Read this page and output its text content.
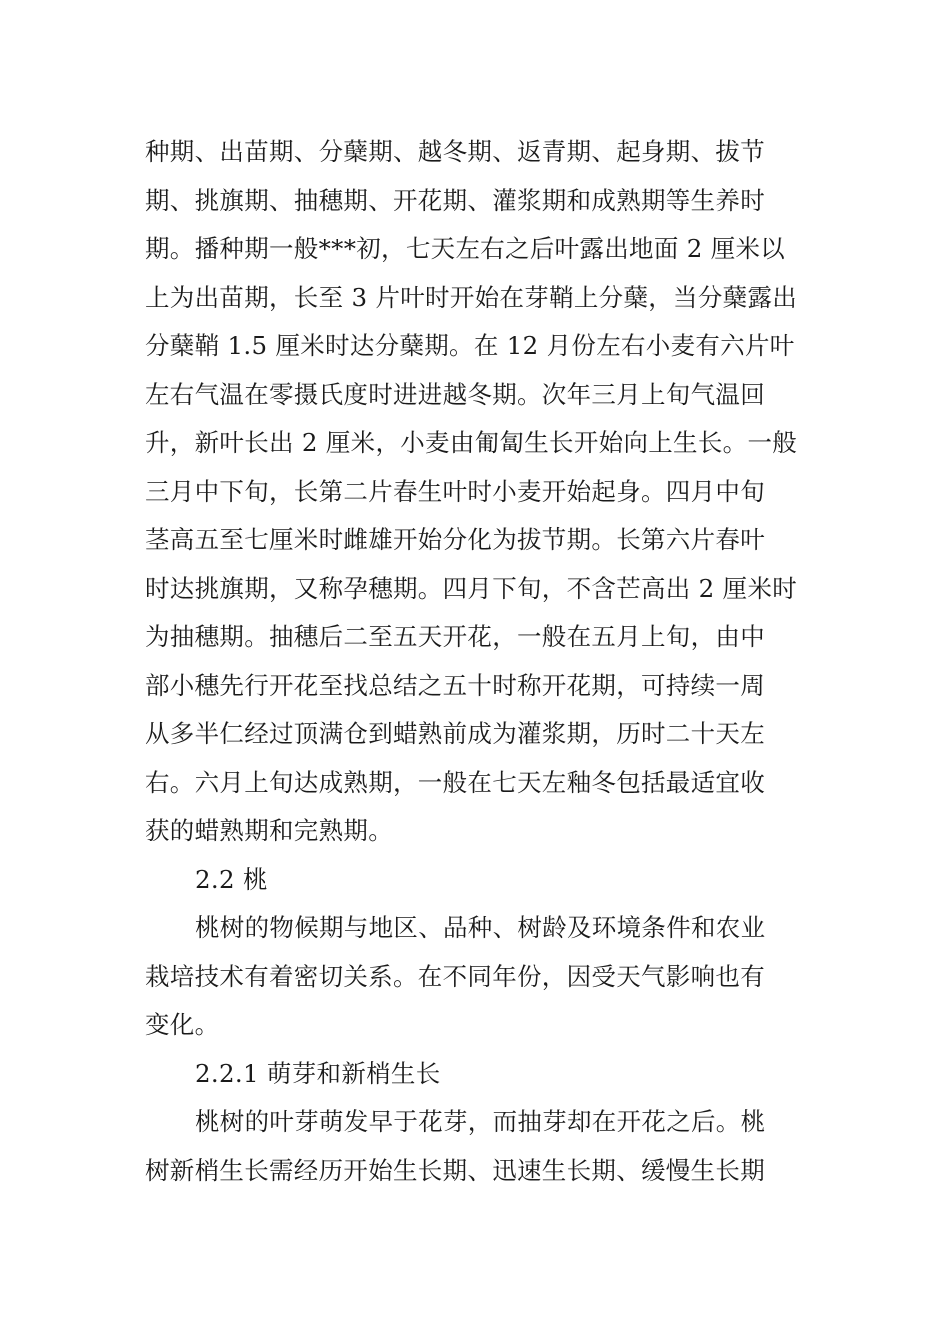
种期、出苗期、分蘖期、越冬期、返青期、起身期、拔节
期、挑旗期、抽穗期、开花期、灌浆期和成熟期等生养时
期。播种期一般***初，七天左右之后叶露出地面 2 厘米以
上为出苗期，长至 3 片叶时开始在芽鞘上分蘖，当分蘖露出
分蘖鞘 1.5 厘米时达分蘖期。在 12 月份左右小麦有六片叶
左右气温在零摄氏度时进进越冬期。次年三月上旬气温回
升，新叶长出 2 厘米，小麦由匍匐生长开始向上生长。一般
三月中下旬，长第二片春生叶时小麦开始起身。四月中旬
茎高五至七厘米时雌雄开始分化为拔节期。长第六片春叶
时达挑旗期，又称孕穗期。四月下旬，不含芒高出 2 厘米时
为抽穗期。抽穗后二至五天开花，一般在五月上旬，由中
部小穗先行开花至找总结之五十时称开花期，可持续一周
从多半仁经过顶满仓到蜡熟前成为灌浆期，历时二十天左
右。六月上旬达成熟期，一般在七天左釉冬包括最适宜收
获的蜡熟期和完熟期。
2.2 桃
桃树的物候期与地区、品种、树龄及环境条件和农业
栽培技术有着密切关系。在不同年份，因受天气影响也有
变化。
2.2.1 萌芽和新梢生长
桃树的叶芽萌发早于花芽，而抽芽却在开花之后。桃
树新梢生长需经历开始生长期、迅速生长期、缓慢生长期
